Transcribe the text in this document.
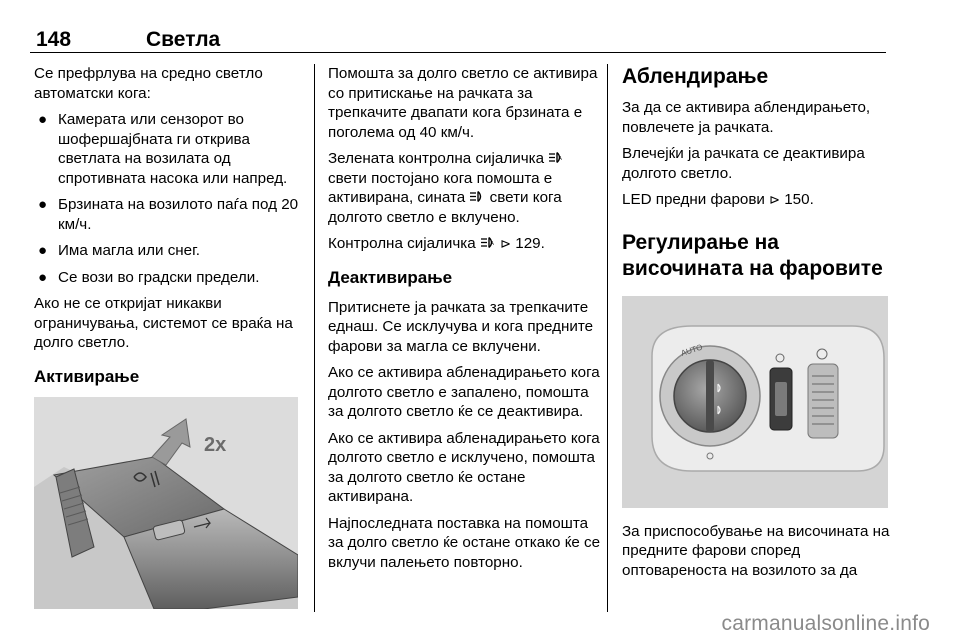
148	Светла

Се префрлува на средно светло автоматски кога:

● Камерата или сензорот во шофершајбната ги открива светлата на возилата од спротивната насока или напред.
● Брзината на возилото паѓа под 20 км/ч.
● Има магла или снег.
● Се вози во градски предели.

Ако не се откријат никакви ограничувања, системот се враќа на долго светло.

Активирање
2x

Помошта за долго светло се активира со притискање на рачката за трепкачите двапати кога брзината е поголема од 40 км/ч.

Зелената контролна сијаличка A
свети постојано кога помошта е активирана, сината  свети кога долгото светло е вклучено.

Контролна сијаличка A ⊳ 129.

Деактивирање

Притиснете ја рачката за трепкачите еднаш. Се исклучува и кога предните фарови за магла се вклучени.

Ако се активира абленадирањето кога долгото светло е запалено, помошта за долгото светло ќе се деактивира.

Ако се активира абленадирањето кога долгото светло е исклучено, помошта за долгото светло ќе остане активирана.

Најпоследната поставка на помошта за долго светло ќе остане откако ќе се вклучи палењето повторно.

Аблендирање

За да се активира аблендирањето, повлечете ја рачката.

Влечејќи ја рачката се деактивира долгото светло.

LED предни фарови ⊳ 150.

Регулирање на височината на фаровите
AUTO

За приспособување на височината на предните фарови според оптовареноста на возилото за да

carmanualsonline.info
